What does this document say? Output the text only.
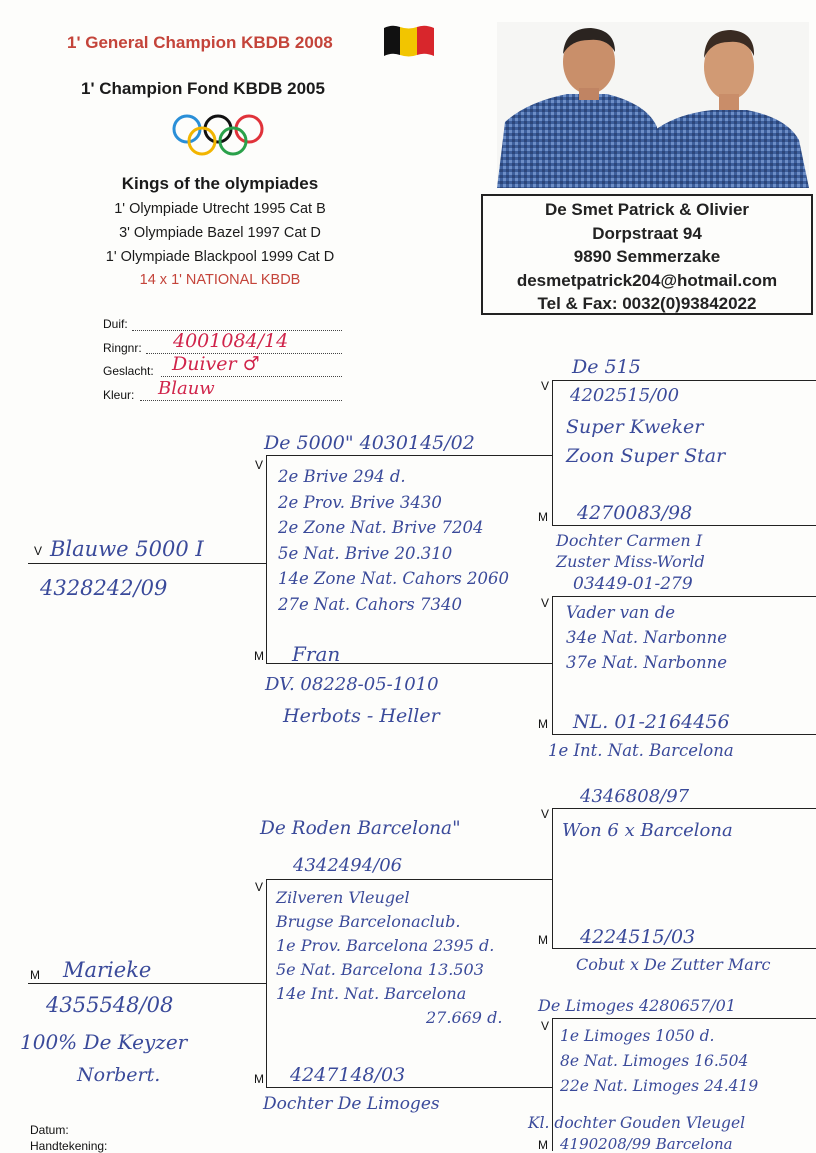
1' General Champion KBDB 2008
1' Champion Fond KBDB 2005
Kings of the olympiades
1' Olympiade Utrecht 1995 Cat B
3' Olympiade Bazel 1997 Cat D
1' Olympiade Blackpool 1999 Cat D
14 x 1' NATIONAL KBDB
De Smet Patrick & Olivier
Dorpstraat 94
9890 Semmerzake
desmetpatrick204@hotmail.com
Tel & Fax: 0032(0)93842022
Duif:
Ringnr: 4001084/14
Geslacht: Duiver ♂
Kleur: Blauw
V
V
M
V
M
V
M
M
V
M
V
M
V
M
Blauwe 5000 I
4328242/09
De 5000" 4030145/02
2e Brive 294 d.
2e Prov. Brive 3430
2e Zone Nat. Brive 7204
5e Nat. Brive 20.310
14e Zone Nat. Cahors 2060
27e Nat. Cahors 7340
Fran
DV. 08228-05-1010
Herbots - Heller
De 515
4202515/00
Super Kweker
Zoon Super Star
4270083/98
Dochter Carmen I
Zuster Miss-World
03449-01-279
Vader van de
34e Nat. Narbonne
37e Nat. Narbonne
NL. 01-2164456
1e Int. Nat. Barcelona
Marieke
4355548/08
100% De Keyzer
Norbert.
De Roden Barcelona"
4342494/06
Zilveren Vleugel
Brugse Barcelonaclub.
1e Prov. Barcelona 2395 d.
5e Nat. Barcelona 13.503
14e Int. Nat. Barcelona
27.669 d.
4247148/03
Dochter De Limoges
4346808/97
Won 6 x Barcelona
4224515/03
Cobut x De Zutter Marc
De Limoges 4280657/01
1e Limoges 1050 d.
8e Nat. Limoges 16.504
22e Nat. Limoges 24.419
Kl. dochter Gouden Vleugel
4190208/99 Barcelona
Datum:
Handtekening:
